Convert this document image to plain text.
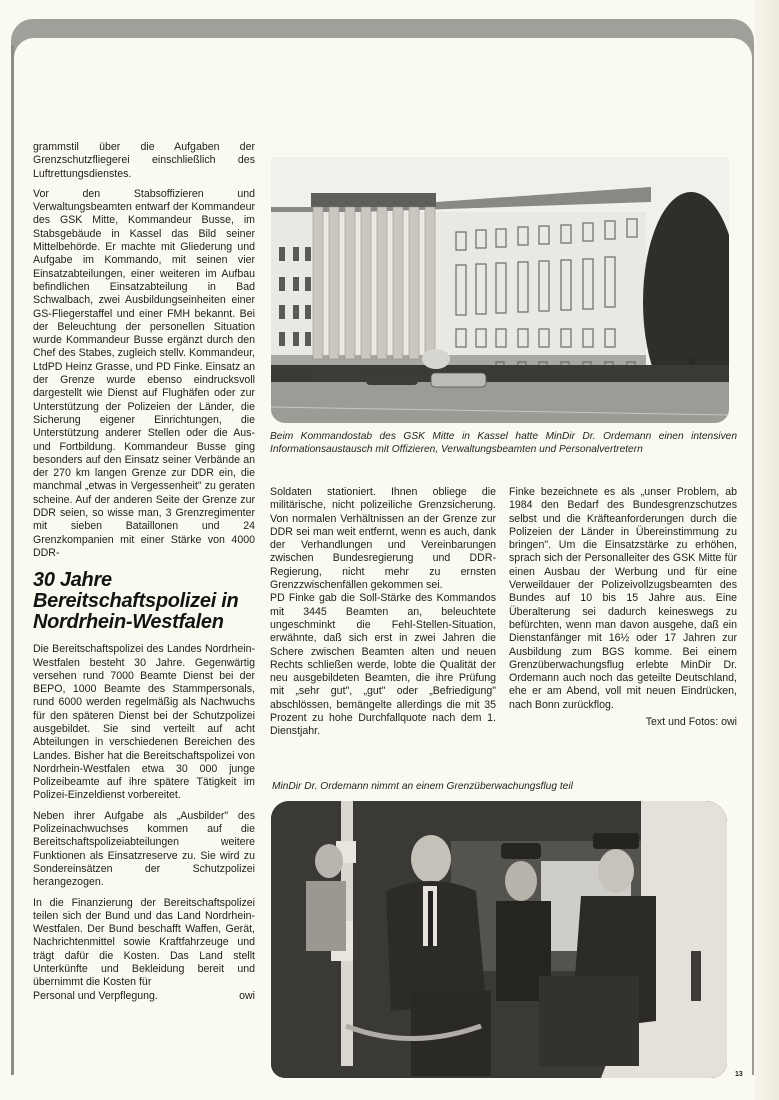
grammstil über die Aufgaben der Grenzschutzfliegerei einschließlich des Luftrettungsdienstes.

Vor den Stabsoffizieren und Verwaltungsbeamten entwarf der Kommandeur des GSK Mitte, Kommandeur Busse, im Stabsgebäude in Kassel das Bild seiner Mittelbehörde. Er machte mit Gliederung und Aufgabe im Kommando, mit seinen vier Einsatzabteilungen, einer weiteren im Aufbau befindlichen Einsatzabteilung in Bad Schwalbach, zwei Ausbildungseinheiten einer GS-Fliegerstaffel und einer FMH bekannt. Bei der Beleuchtung der personellen Situation wurde Kommandeur Busse ergänzt durch den Chef des Stabes, zugleich stellv. Kommandeur, LtdPD Heinz Grasse, und PD Finke. Einsatz an der Grenze wurde ebenso eindrucksvoll dargestellt wie Dienst auf Flughäfen oder zur Unterstützung der Polizeien der Länder, die Sicherung eigener Einrichtungen, die Unterstützung anderer Stellen oder die Aus- und Fortbildung. Kommandeur Busse ging besonders auf den Einsatz seiner Verbände an der 270 km langen Grenze zur DDR ein, die manchmal „etwas in Vergessenheit" zu geraten scheine. Auf der anderen Seite der Grenze zur DDR seien, so wisse man, 3 Grenzregimenter mit sieben Bataillonen und 24 Grenzkompanien mit einer Stärke von 4000 DDR-

30 Jahre Bereitschaftspolizei in Nordrhein-Westfalen

Die Bereitschaftspolizei des Landes Nordrhein-Westfalen besteht 30 Jahre. Gegenwärtig versehen rund 7000 Beamte Dienst bei der BEPO, 1000 Beamte des Stammpersonals, rund 6000 werden regelmäßig als Nachwuchs für den späteren Dienst bei der Schutzpolizei ausgebildet. Sie sind verteilt auf acht Abteilungen in verschiedenen Bereichen des Landes. Bisher hat die Bereitschaftspolizei von Nordrhein-Westfalen etwa 30 000 junge Polizeibeamte auf ihre spätere Tätigkeit im Polizei-Einzeldienst vorbereitet.

Neben ihrer Aufgabe als „Ausbilder" des Polizeinachwuchses kommen auf die Bereitschaftspolizeiabteilungen weitere Funktionen als Einsatzreserve zu. Sie wird zu Sondereinsätzen der Schutzpolizei herangezogen.

In die Finanzierung der Bereitschaftspolizei teilen sich der Bund und das Land Nordrhein-Westfalen. Der Bund beschafft Waffen, Gerät, Nachrichtenmittel sowie Kraftfahrzeuge und trägt dafür die Kosten. Das Land stellt Unterkünfte und Bekleidung bereit und übernimmt die Kosten für

Personal und Verpflegung.	owi
Beim Kommandostab des GSK Mitte in Kassel hatte MinDir Dr. Ordemann einen intensiven Informationsaustausch mit Offizieren, Verwaltungsbeamten und Personalvertretern

Soldaten stationiert. Ihnen obliege die militärische, nicht polizeiliche Grenzsicherung. Von normalen Verhältnissen an der Grenze zur DDR sei man weit entfernt, wenn es auch, dank der Verhandlungen und Vereinbarungen zwischen Bundesregierung und DDR-Regierung, nicht mehr zu ernsten Grenzzwischenfällen gekommen sei.

PD Finke gab die Soll-Stärke des Kommandos mit 3445 Beamten an, beleuchtete ungeschminkt die Fehl-Stellen-Situation, erwähnte, daß sich erst in zwei Jahren die Schere zwischen Beamten alten und neuen Rechts schließen werde, lobte die Qualität der neu ausgebildeten Beamten, die ihre Prüfung mit „sehr gut", „gut" oder „Befriedigung" abschlössen, bemängelte allerdings die mit 35 Prozent zu hohe Durchfallquote nach dem 1. Dienstjahr.

Finke bezeichnete es als „unser Problem, ab 1984 den Bedarf des Bundesgrenzschutzes selbst und die Kräfteanforderungen durch die Polizeien der Länder in Übereinstimmung zu bringen". Um die Einsatzstärke zu erhöhen, sprach sich der Personalleiter des GSK Mitte für einen Ausbau der Werbung und für eine Verweildauer der Polizeivollzugsbeamten des Bundes auf 10 bis 15 Jahre aus. Eine Überalterung sei dadurch keineswegs zu befürchten, wenn man davon ausgehe, daß ein Dienstanfänger mit 16½ oder 17 Jahren zur Ausbildung zum BGS komme. Bei einem Grenzüberwachungsflug erlebte MinDir Dr. Ordemann auch noch das geteilte Deutschland, ehe er am Abend, voll mit neuen Eindrücken, nach Bonn zurückflog.

Text und Fotos: owi
MinDir Dr. Ordemann nimmt an einem Grenzüberwachungsflug teil
13
